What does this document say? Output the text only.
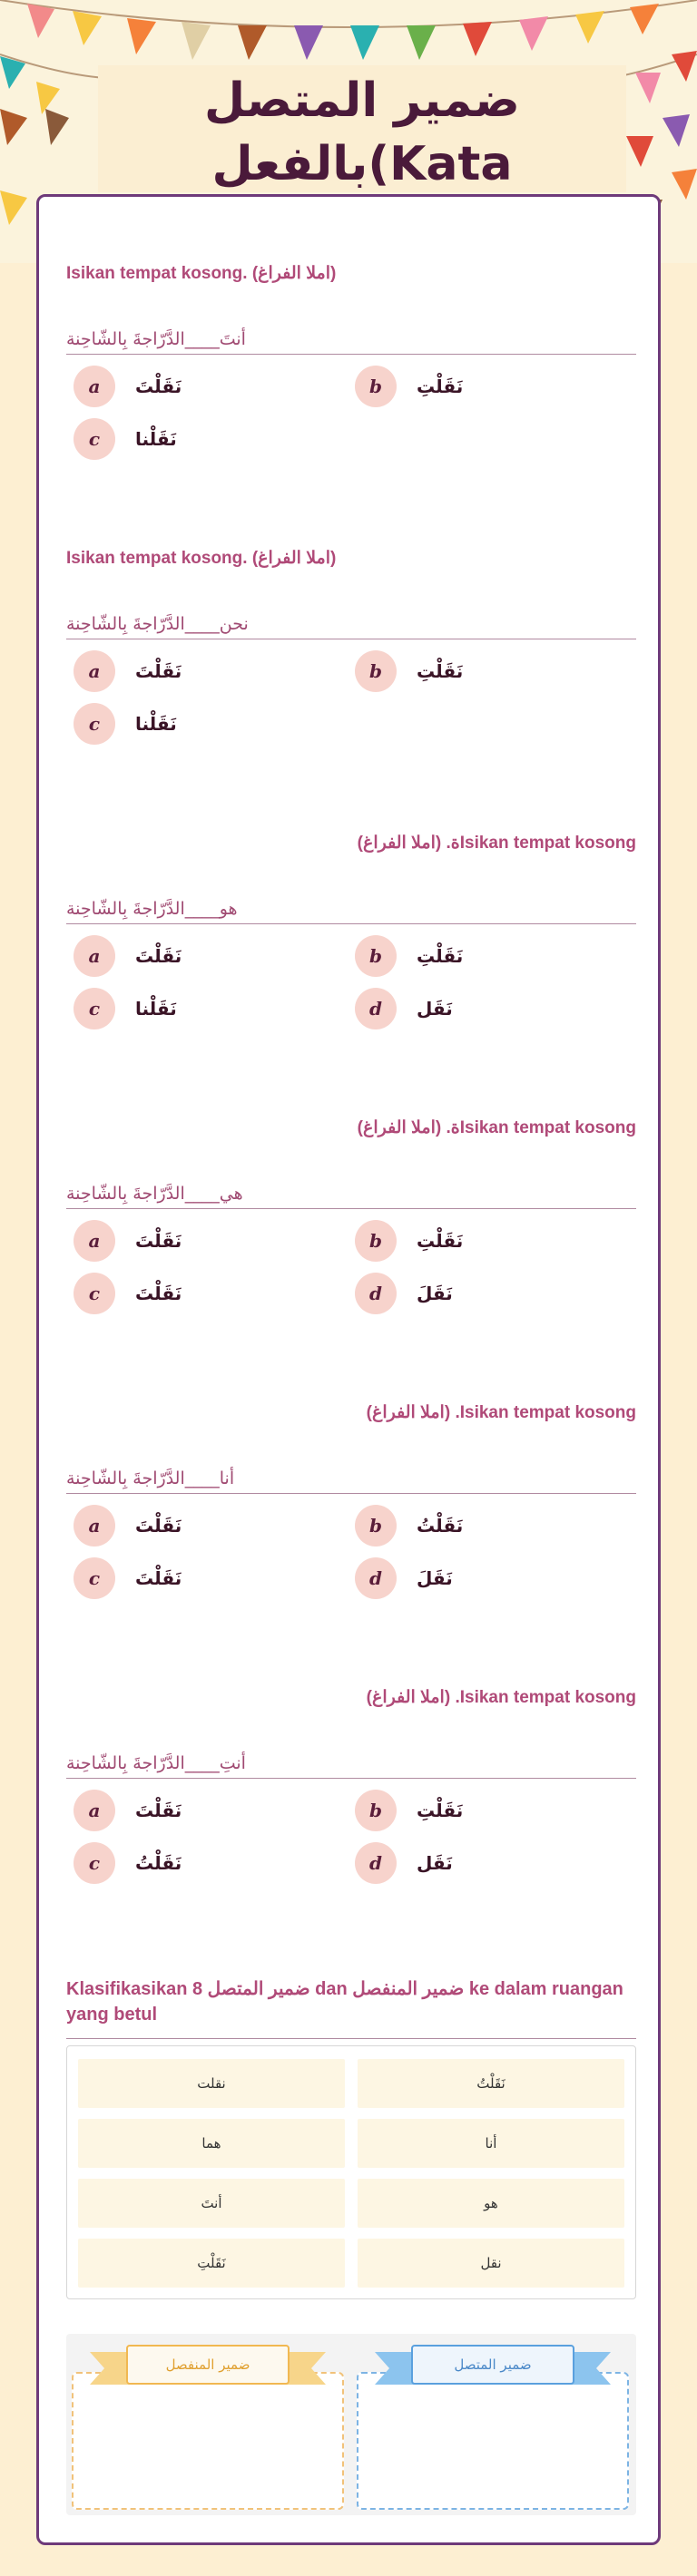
ضمير المتصل بالفعل(Kata
Isikan tempat kosong. (املا الفراغ)
أنتَ____الدَّرّاجةَ بِالشّاحِنة
a	نَقَلْتَ	b	نَقَلْتِ
c	نَقَلْنا
Isikan tempat kosong. (املا الفراغ)
نحن____الدَّرّاجةَ بِالشّاحِنة
a	نَقَلْتَ	b	نَقَلْتِ
c	نَقَلْنا
(املا الفراغ) .ةIsikan tempat kosong
هو____الدَّرّاجةَ بِالشّاحِنة
a	نَقَلْتَ	b	نَقَلْتِ
c	نَقَلْنا	d	نَقَل
(املا الفراغ) .ةIsikan tempat kosong
هي____الدَّرّاجةَ بِالشّاحِنة
a	نَقَلْتَ	b	نَقَلْتِ
c	نَقَلْتَ	d	نَقَلَ
(املا الفراغ) .Isikan tempat kosong
أنا____الدَّرّاجةَ بِالشّاحِنة
a	نَقَلْتَ	b	نَقَلْتُ
c	نَقَلْتَ	d	نَقَلَ
(املا الفراغ) .Isikan tempat kosong
أنتِ____الدَّرّاجةَ بِالشّاحِنة
a	نَقَلْتَ	b	نَقَلْتِ
c	نَقَلْتُ	d	نَقَل
Klasifikasikan 8 ضمير المتصل dan ضمير المنفصل ke dalam ruangan yang betul
نقلت	نَقَلْتُ
هما	أنا
أنتَ	هو
نَقَلْتِ	نقل
ضمير المنفصل	ضمير المتصل
